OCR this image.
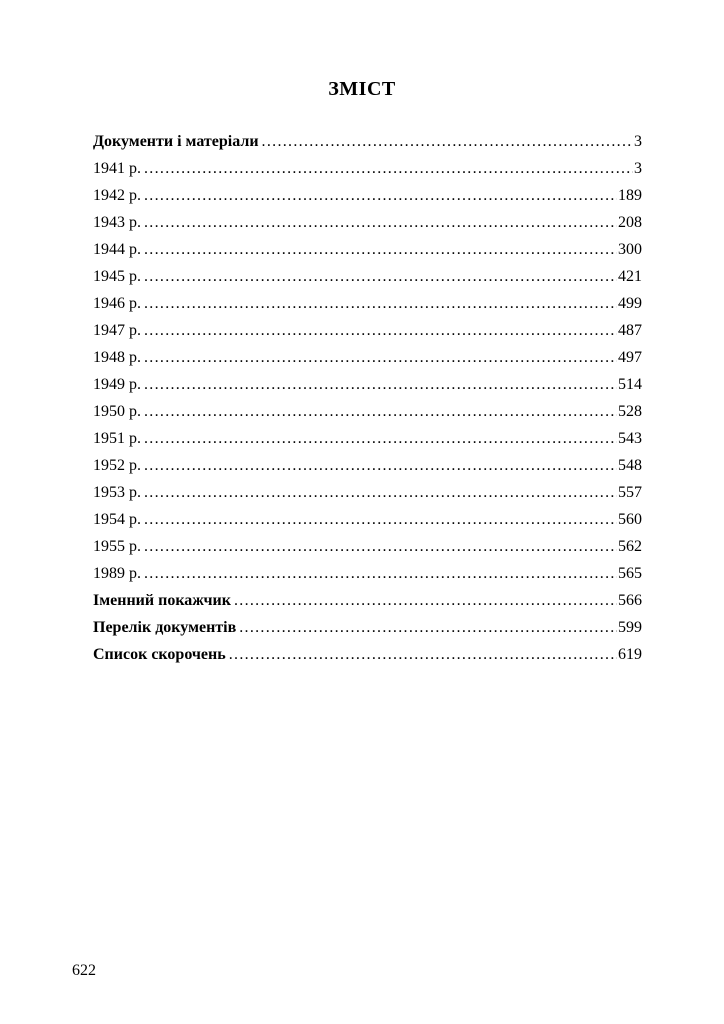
ЗМІСТ
Документи і матеріали .....	3
1941 р. .....	3
1942 р. .....	189
1943 р. .....	208
1944 р. .....	300
1945 р. .....	421
1946 р. .....	499
1947 р. .....	487
1948 р. .....	497
1949 р. .....	514
1950 р. .....	528
1951 р. .....	543
1952 р. .....	548
1953 р. .....	557
1954 р. .....	560
1955 р. .....	562
1989 р. .....	565
Іменний покажчик .....	566
Перелік документів .....	599
Список скорочень .....	619
622
